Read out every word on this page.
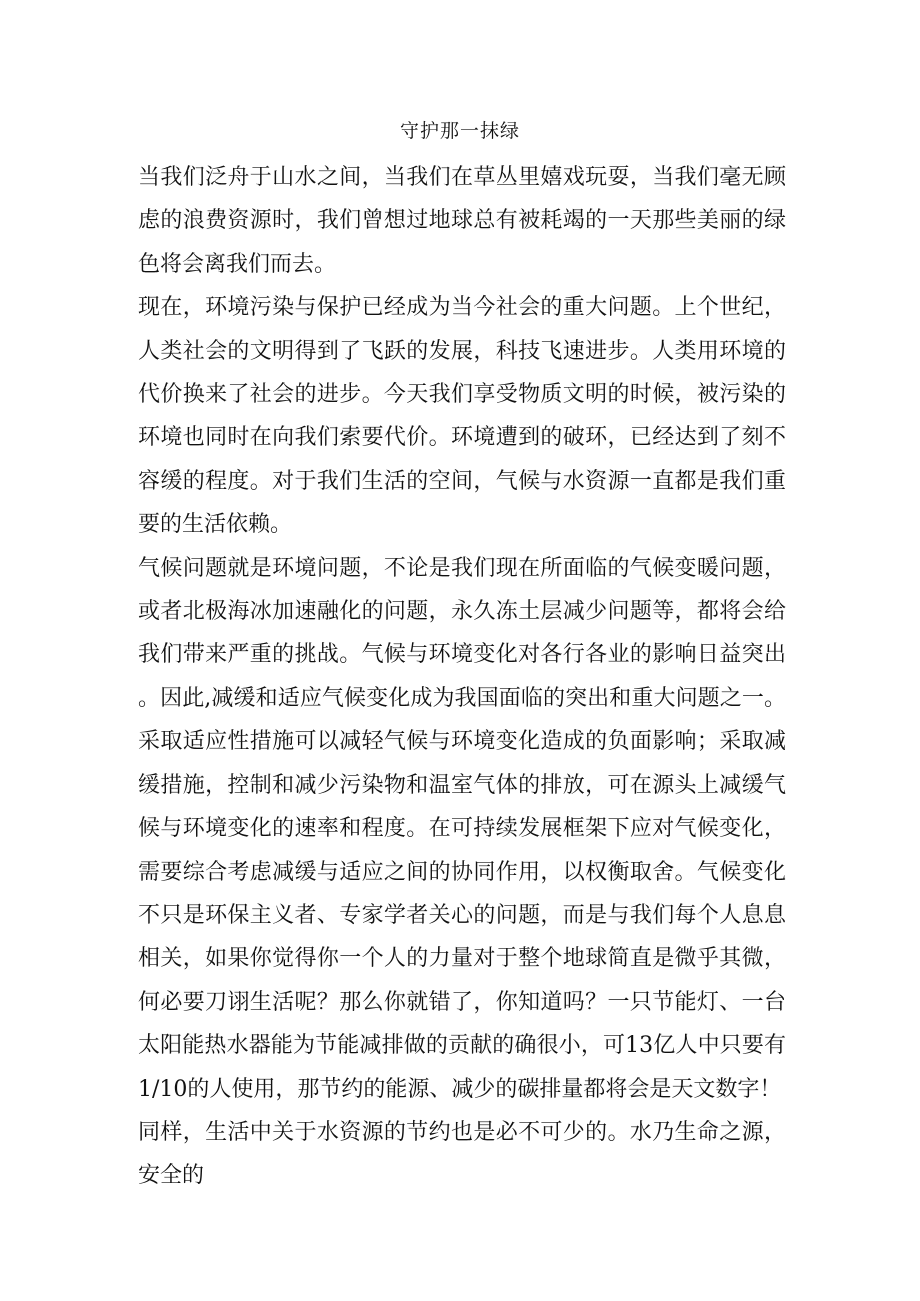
守护那一抹绿

当我们泛舟于山水之间，当我们在草丛里嬉戏玩耍，当我们毫无顾虑的浪费资源时，我们曾想过地球总有被耗竭的一天那些美丽的绿色将会离我们而去。

现在，环境污染与保护已经成为当今社会的重大问题。上个世纪，人类社会的文明得到了飞跃的发展，科技飞速进步。人类用环境的代价换来了社会的进步。今天我们享受物质文明的时候，被污染的环境也同时在向我们索要代价。环境遭到的破环，已经达到了刻不容缓的程度。对于我们生活的空间，气候与水资源一直都是我们重要的生活依赖。

气候问题就是环境问题，不论是我们现在所面临的气候变暖问题，或者北极海冰加速融化的问题，永久冻土层减少问题等，都将会给我们带来严重的挑战。气候与环境变化对各行各业的影响日益突出。因此,减缓和适应气候变化成为我国面临的突出和重大问题之一。采取适应性措施可以减轻气候与环境变化造成的负面影响；采取减缓措施，控制和减少污染物和温室气体的排放，可在源头上减缓气候与环境变化的速率和程度。在可持续发展框架下应对气候变化，需要综合考虑减缓与适应之间的协同作用，以权衡取舍。气候变化不只是环保主义者、专家学者关心的问题，而是与我们每个人息息相关，如果你觉得你一个人的力量对于整个地球简直是微乎其微，何必要刀诩生活呢？那么你就错了，你知道吗？一只节能灯、一台太阳能热水器能为节能减排做的贡献的确很小，可13亿人中只要有1/10的人使用，那节约的能源、减少的碳排量都将会是天文数字！

同样，生活中关于水资源的节约也是必不可少的。水乃生命之源，安全的
